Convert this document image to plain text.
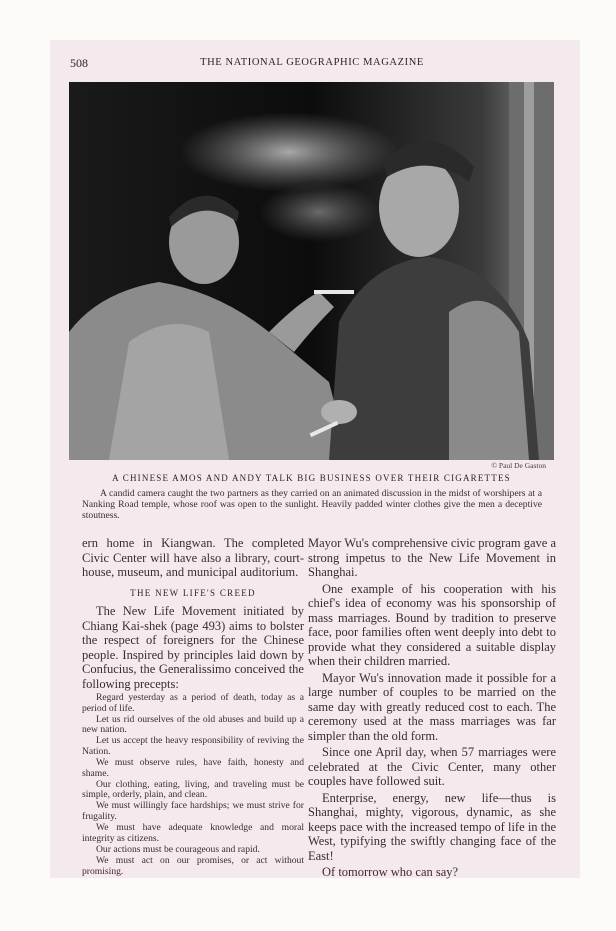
508	THE NATIONAL GEOGRAPHIC MAGAZINE
© Paul De Gaston
A CHINESE AMOS AND ANDY TALK BIG BUSINESS OVER THEIR CIGARETTES
A candid camera caught the two partners as they carried on an animated discussion in the midst of worshipers at a Nanking Road temple, whose roof was open to the sunlight. Heavily padded winter clothes give the men a deceptive stoutness.

ern home in Kiangwan. The completed Civic Center will have also a library, court-house, museum, and municipal auditorium.

THE NEW LIFE'S CREED

The New Life Movement initiated by Chiang Kai-shek (page 493) aims to bolster the respect of foreigners for the Chinese people. Inspired by principles laid down by Confucius, the Generalissimo conceived the following precepts:

Regard yesterday as a period of death, today as a period of life.
Let us rid ourselves of the old abuses and build up a new nation.
Let us accept the heavy responsibility of reviving the Nation.
We must observe rules, have faith, honesty and shame.
Our clothing, eating, living, and traveling must be simple, orderly, plain, and clean.
We must willingly face hardships; we must strive for frugality.
We must have adequate knowledge and moral integrity as citizens.
Our actions must be courageous and rapid.
We must act on our promises, or act without promising.

Mayor Wu's comprehensive civic program gave a strong impetus to the New Life Movement in Shanghai.

One example of his cooperation with his chief's idea of economy was his sponsorship of mass marriages. Bound by tradition to preserve face, poor families often went deeply into debt to provide what they considered a suitable display when their children married.

Mayor Wu's innovation made it possible for a large number of couples to be married on the same day with greatly reduced cost to each. The ceremony used at the mass marriages was far simpler than the old form.

Since one April day, when 57 marriages were celebrated at the Civic Center, many other couples have followed suit.

Enterprise, energy, new life—thus is Shanghai, mighty, vigorous, dynamic, as she keeps pace with the increased tempo of life in the West, typifying the swiftly changing face of the East!

Of tomorrow who can say?
